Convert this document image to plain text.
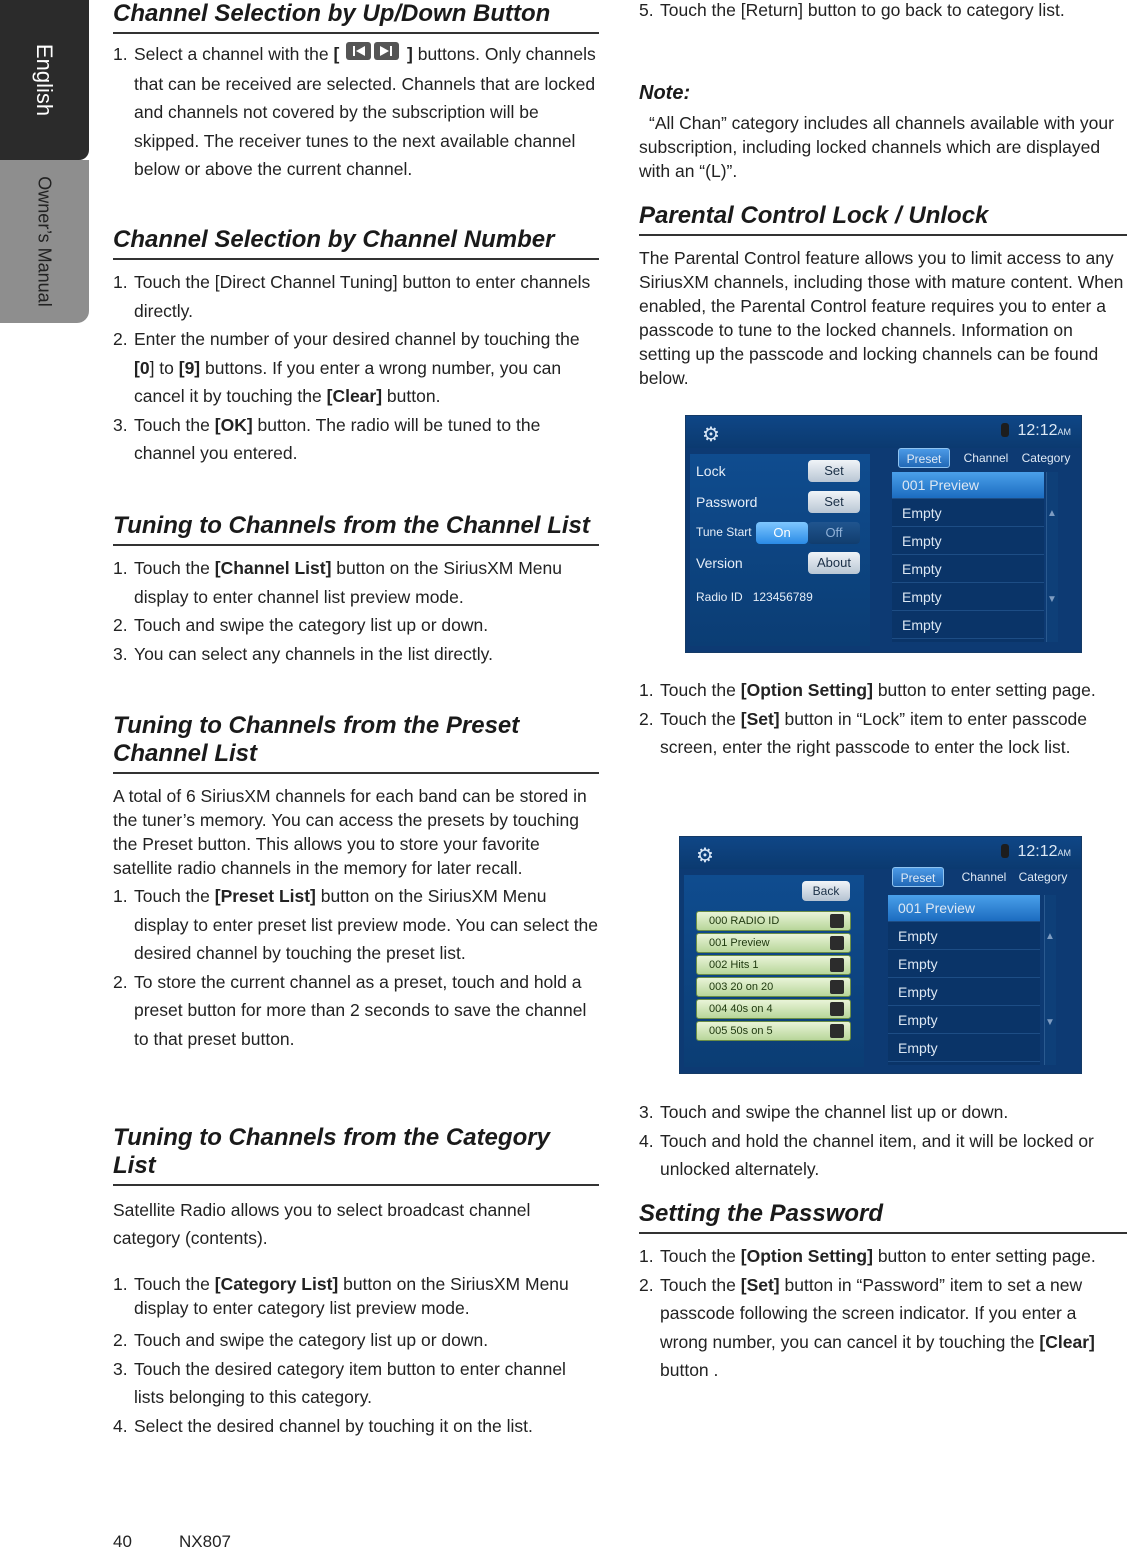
English
Owner’s Manual
Channel Selection by Up/Down Button
1. Select a channel with the [	] buttons. Only channels that can be received are selected. Channels that are locked and channels not covered by the subscription will be skipped. The receiver tunes to the next available channel below or above the current channel.
Channel Selection by Channel Number
1. Touch the [Direct Channel Tuning] button to enter channels directly.
2. Enter the number of your desired channel by touching the [0] to [9] buttons. If you enter a wrong number, you can cancel it by touching the [Clear] button.
3. Touch the [OK] button. The radio will be tuned to the channel you entered.
Tuning to Channels from the Channel List
1. Touch the [Channel List] button on the SiriusXM Menu display to enter channel list preview mode.
2. Touch and swipe the category list up or down.
3. You can select any channels in the list directly.
Tuning to Channels from the Preset Channel List

A total of 6 SiriusXM channels for each band can be stored in the tuner’s memory. You can access the presets by touching the Preset button. This allows you to store your favorite satellite radio channels in the memory for later recall.

1. Touch the [Preset List] button on the SiriusXM Menu display to enter preset list preview mode. You can select the desired channel by touching the preset list.
2. To store the current channel as a preset, touch and hold a preset button for more than 2 seconds to save the channel to that preset button.
Tuning to Channels from the Category List

Satellite Radio allows you to select broadcast channel category (contents).

1. Touch the [Category List] button on the SiriusXM Menu display to enter category list preview mode.
2. Touch and swipe the category list up or down.
3. Touch the desired category item button to enter channel lists belonging to this category.
4. Select the desired channel by touching it on the list.
5. Touch the [Return] button to go back to category list.
Note:

“All Chan” category includes all channels available with your subscription, including locked channels which are displayed with an “(L)”.

Parental Control Lock / Unlock

The Parental Control feature allows you to limit access to any SiriusXM channels, including those with mature content. When enabled, the Parental Control feature requires you to enter a passcode to tune to the locked channels. Information on setting up the passcode and locking channels can be found below.

⚙	12:12AM
Preset	Channel	Category
Lock	Set
Password	Set
Tune Start	On	Off
Version	About
Radio ID 123456789
001 Preview
Empty
Empty
Empty
Empty
Empty
▲
▼
1. Touch the [Option Setting] button to enter setting page.
2. Touch the [Set] button in “Lock” item to enter passcode screen, enter the right passcode to enter the lock list.
⚙	12:12AM
Preset	Channel	Category
Back
000 RADIO ID
001 Preview
002 Hits 1
003 20 on 20
004 40s on 4
005 50s on 5
001 Preview
Empty
Empty
Empty
Empty
Empty
▲
▼
3. Touch and swipe the channel list up or down.
4. Touch and hold the channel item, and it will be locked or unlocked alternately.
Setting the Password
1. Touch the [Option Setting] button to enter setting page.
2. Touch the [Set] button in “Password” item to set a new passcode following the screen indicator. If you enter a wrong number, you can cancel it by touching the [Clear] button .
40	NX807
